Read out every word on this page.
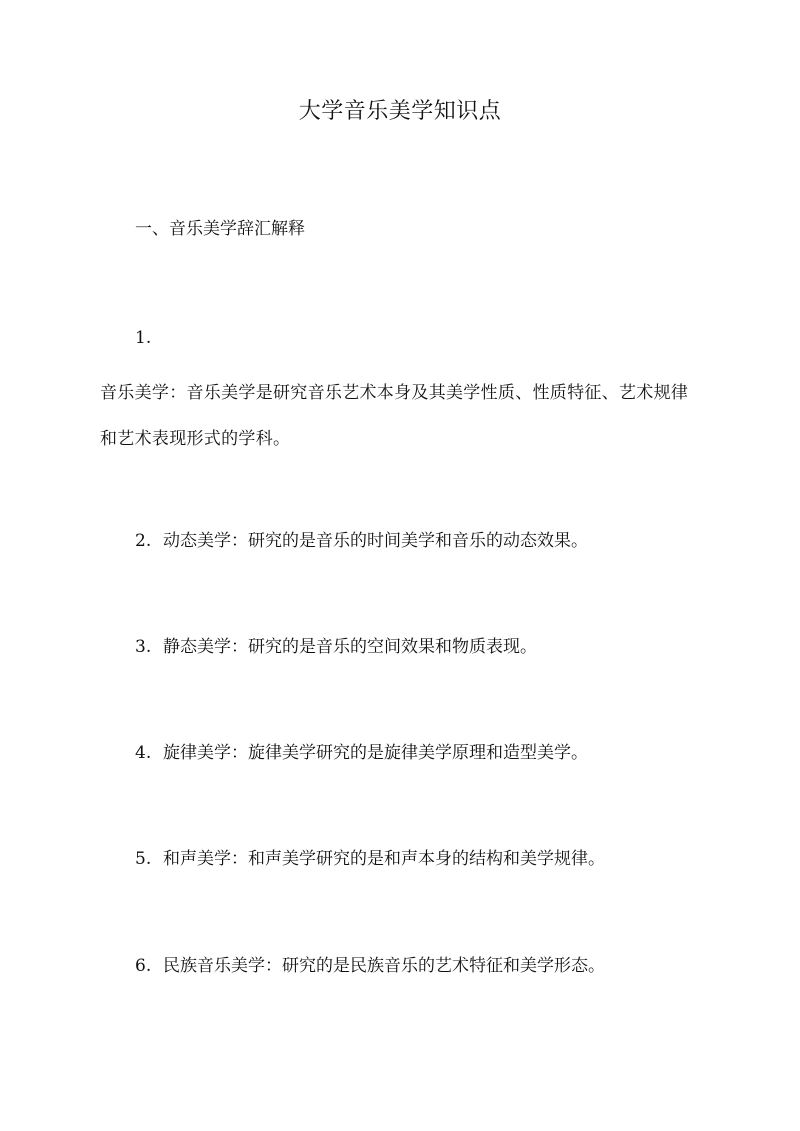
大学音乐美学知识点
一、音乐美学辞汇解释
1.
音乐美学：音乐美学是研究音乐艺术本身及其美学性质、性质特征、艺术规律和艺术表现形式的学科。
2. 动态美学：研究的是音乐的时间美学和音乐的动态效果。
3. 静态美学：研究的是音乐的空间效果和物质表现。
4. 旋律美学：旋律美学研究的是旋律美学原理和造型美学。
5. 和声美学：和声美学研究的是和声本身的结构和美学规律。
6. 民族音乐美学：研究的是民族音乐的艺术特征和美学形态。
